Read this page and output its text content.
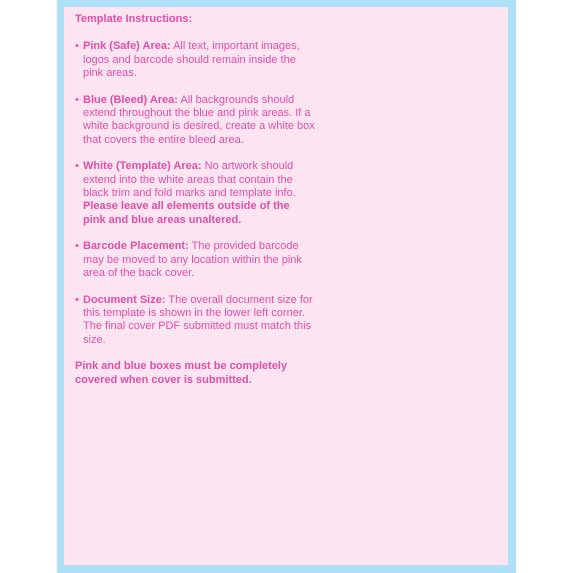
Template Instructions:
• Pink (Safe) Area: All text, important images, logos and barcode should remain inside the pink areas.
• Blue (Bleed) Area: All backgrounds should extend throughout the blue and pink areas. If a white background is desired, create a white box that covers the entire bleed area.
• White (Template) Area: No artwork should extend into the white areas that contain the black trim and fold marks and template info. Please leave all elements outside of the pink and blue areas unaltered.
• Barcode Placement: The provided barcode may be moved to any location within the pink area of the back cover.
• Document Size: The overall document size for this template is shown in the lower left corner. The final cover PDF submitted must match this size.
Pink and blue boxes must be completely covered when cover is submitted.
